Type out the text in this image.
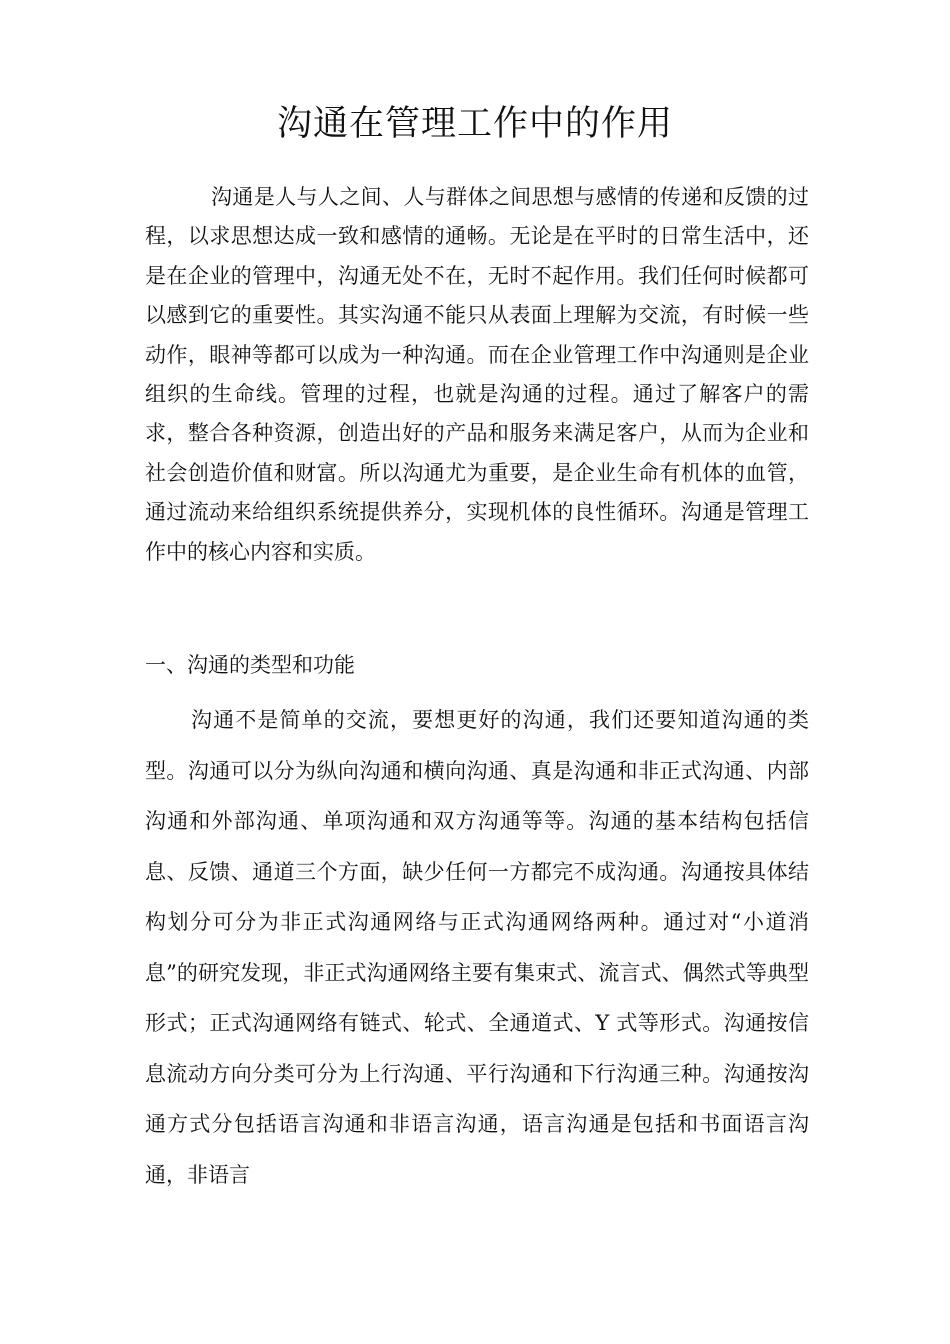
沟通在管理工作中的作用

沟通是人与人之间、人与群体之间思想与感情的传递和反馈的过程，以求思想达成一致和感情的通畅。无论是在平时的日常生活中，还是在企业的管理中，沟通无处不在，无时不起作用。我们任何时候都可以感到它的重要性。其实沟通不能只从表面上理解为交流，有时候一些动作，眼神等都可以成为一种沟通。而在企业管理工作中沟通则是企业组织的生命线。管理的过程，也就是沟通的过程。通过了解客户的需求，整合各种资源，创造出好的产品和服务来满足客户，从而为企业和社会创造价值和财富。所以沟通尤为重要，是企业生命有机体的血管，通过流动来给组织系统提供养分，实现机体的良性循环。沟通是管理工作中的核心内容和实质。

一、沟通的类型和功能

沟通不是简单的交流，要想更好的沟通，我们还要知道沟通的类型。沟通可以分为纵向沟通和横向沟通、真是沟通和非正式沟通、内部沟通和外部沟通、单项沟通和双方沟通等等。沟通的基本结构包括信息、反馈、通道三个方面，缺少任何一方都完不成沟通。沟通按具体结构划分可分为非正式沟通网络与正式沟通网络两种。通过对“小道消息”的研究发现，非正式沟通网络主要有集束式、流言式、偶然式等典型形式；正式沟通网络有链式、轮式、全通道式、Y 式等形式。沟通按信息流动方向分类可分为上行沟通、平行沟通和下行沟通三种。沟通按沟通方式分包括语言沟通和非语言沟通，语言沟通是包括和书面语言沟通，非语言
